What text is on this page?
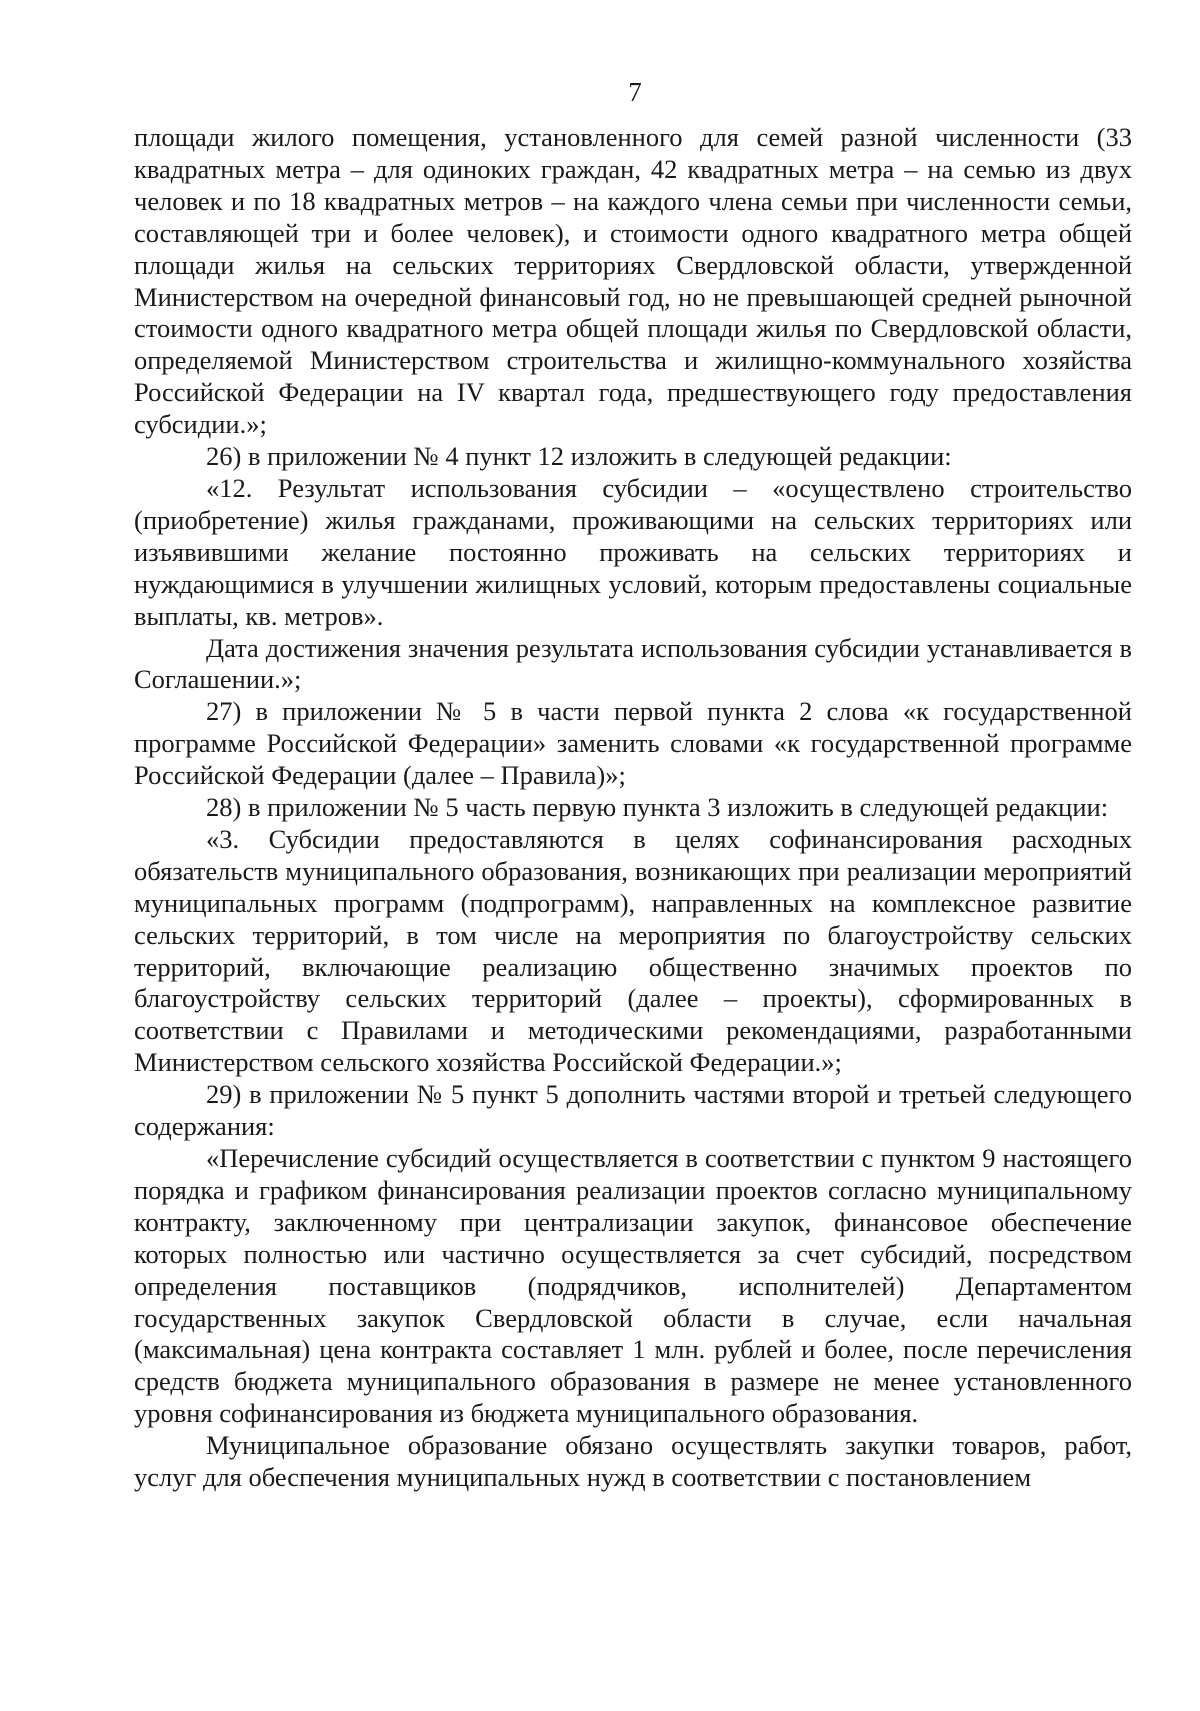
7

площади жилого помещения, установленного для семей разной численности (33 квадратных метра – для одиноких граждан, 42 квадратных метра – на семью из двух человек и по 18 квадратных метров – на каждого члена семьи при численности семьи, составляющей три и более человек), и стоимости одного квадратного метра общей площади жилья на сельских территориях Свердловской области, утвержденной Министерством на очередной финансовый год, но не превышающей средней рыночной стоимости одного квадратного метра общей площади жилья по Свердловской области, определяемой Министерством строительства и жилищно-коммунального хозяйства Российской Федерации на IV квартал года, предшествующего году предоставления субсидии.»;

26) в приложении № 4 пункт 12 изложить в следующей редакции:

«12. Результат использования субсидии – «осуществлено строительство (приобретение) жилья гражданами, проживающими на сельских территориях или изъявившими желание постоянно проживать на сельских территориях и нуждающимися в улучшении жилищных условий, которым предоставлены социальные выплаты, кв. метров».

Дата достижения значения результата использования субсидии устанавливается в Соглашении.»;

27) в приложении № 5 в части первой пункта 2 слова «к государственной программе Российской Федерации» заменить словами «к государственной программе Российской Федерации (далее – Правила)»;

28) в приложении № 5 часть первую пункта 3 изложить в следующей редакции:

«3. Субсидии предоставляются в целях софинансирования расходных обязательств муниципального образования, возникающих при реализации мероприятий муниципальных программ (подпрограмм), направленных на комплексное развитие сельских территорий, в том числе на мероприятия по благоустройству сельских территорий, включающие реализацию общественно значимых проектов по благоустройству сельских территорий (далее – проекты), сформированных в соответствии с Правилами и методическими рекомендациями, разработанными Министерством сельского хозяйства Российской Федерации.»;

29) в приложении № 5 пункт 5 дополнить частями второй и третьей следующего содержания:

«Перечисление субсидий осуществляется в соответствии с пунктом 9 настоящего порядка и графиком финансирования реализации проектов согласно муниципальному контракту, заключенному при централизации закупок, финансовое обеспечение которых полностью или частично осуществляется за счет субсидий, посредством определения поставщиков (подрядчиков, исполнителей) Департаментом государственных закупок Свердловской области в случае, если начальная (максимальная) цена контракта составляет 1 млн. рублей и более, после перечисления средств бюджета муниципального образования в размере не менее установленного уровня софинансирования из бюджета муниципального образования.

Муниципальное образование обязано осуществлять закупки товаров, работ, услуг для обеспечения муниципальных нужд в соответствии с постановлением
